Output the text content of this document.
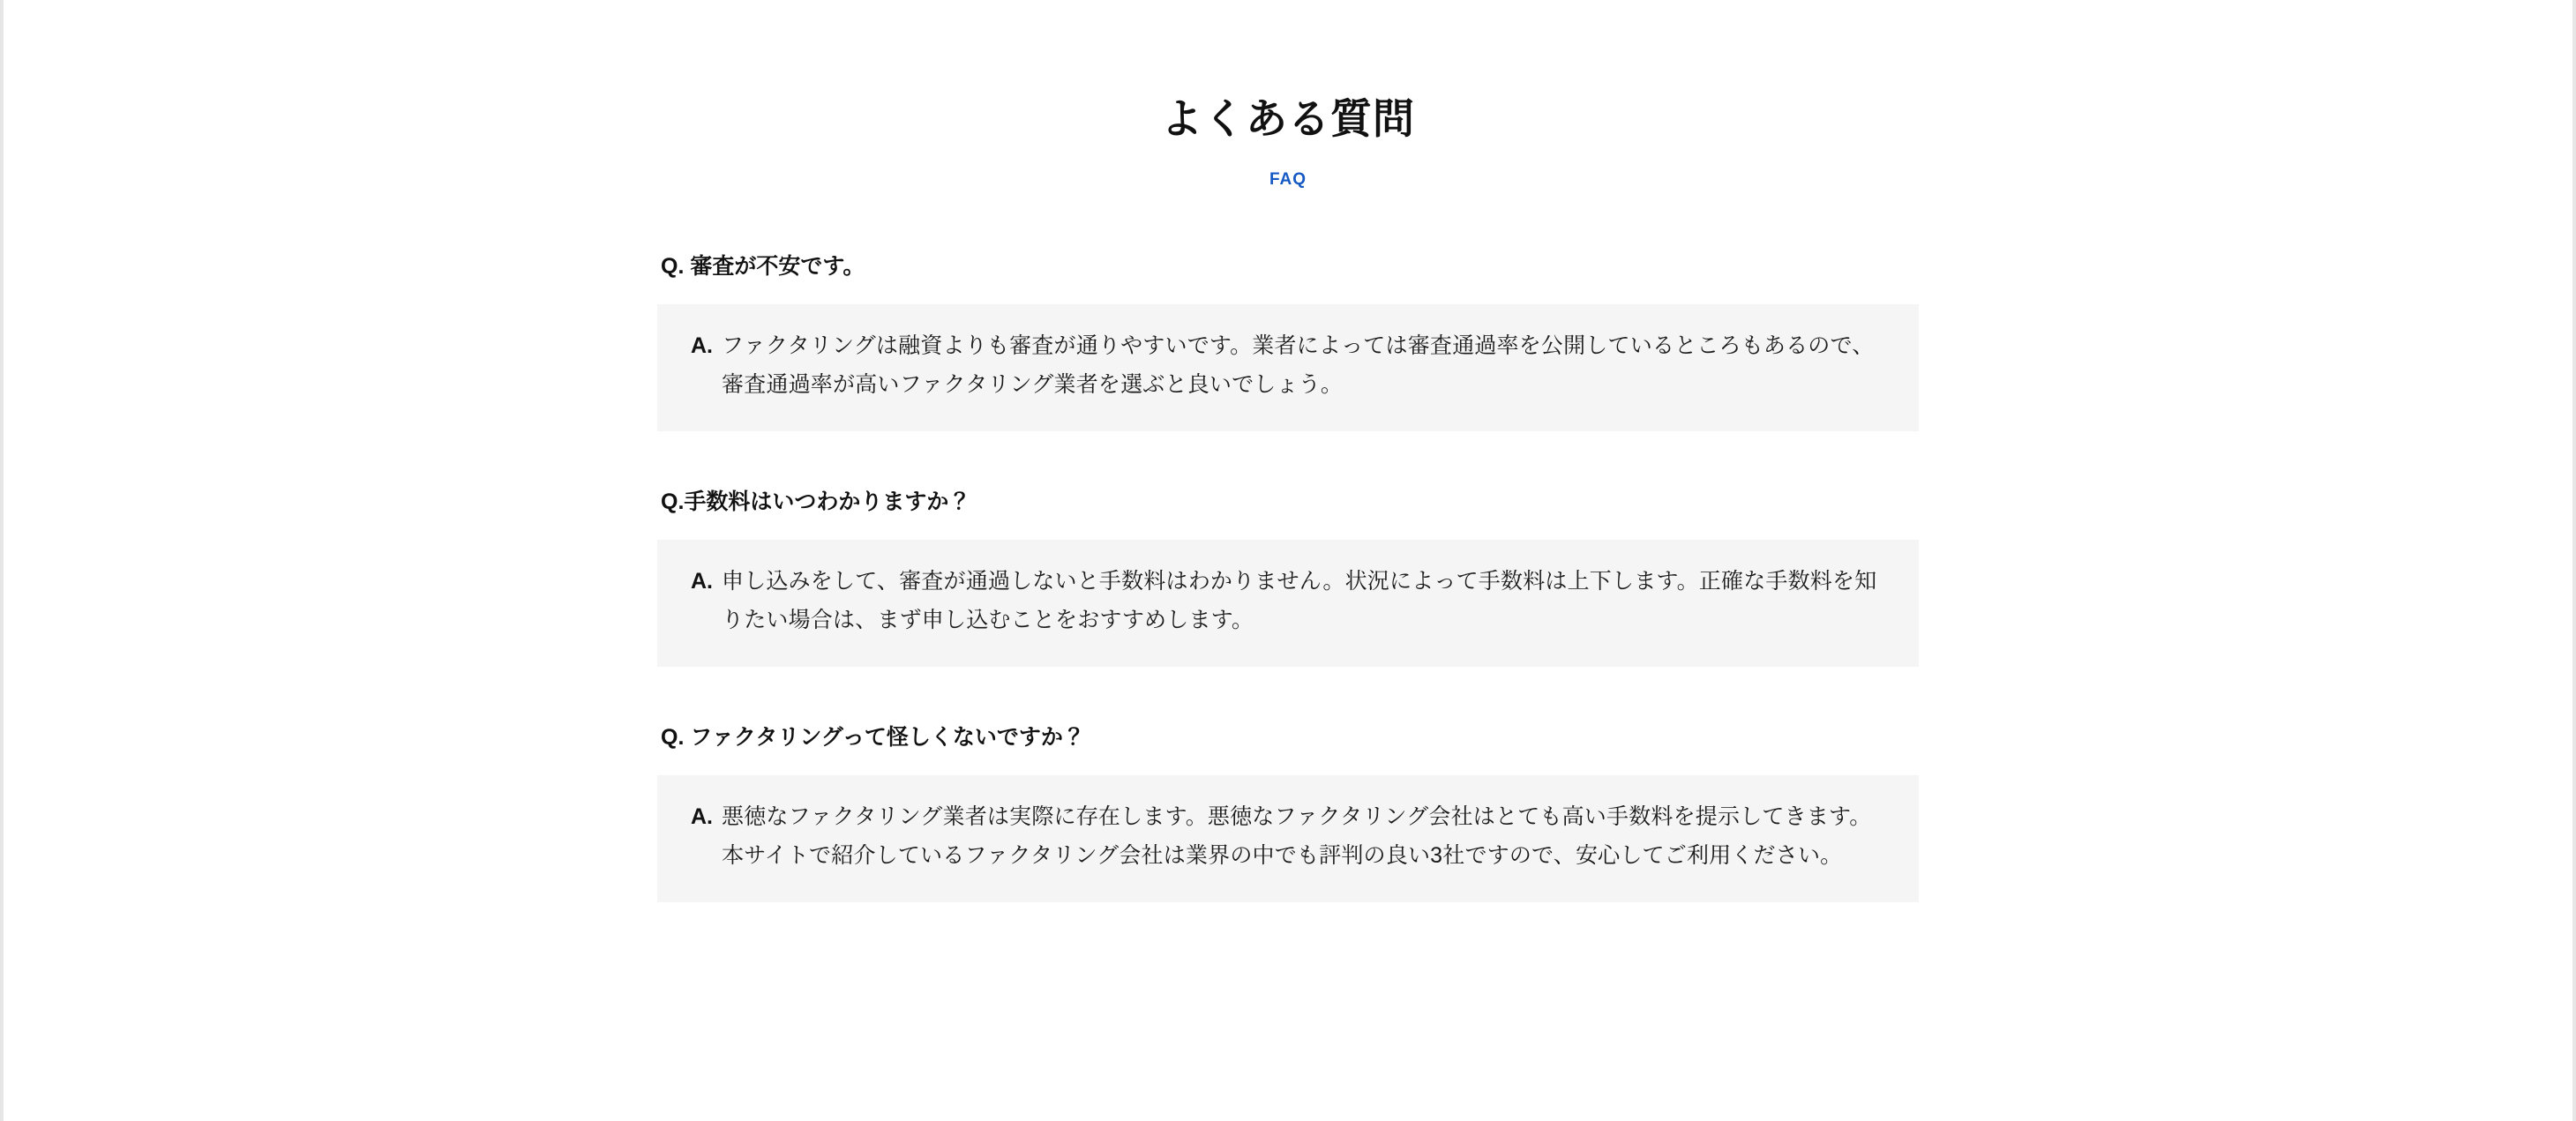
よくある質問
FAQ
Q. 審査が不安です。
A. ファクタリングは融資よりも審査が通りやすいです。業者によっては審査通過率を公開しているところもあるので、審査通過率が高いファクタリング業者を選ぶと良いでしょう。
Q.手数料はいつわかりますか？
A. 申し込みをして、審査が通過しないと手数料はわかりません。状況によって手数料は上下します。正確な手数料を知りたい場合は、まず申し込むことをおすすめします。
Q. ファクタリングって怪しくないですか？
A. 悪徳なファクタリング業者は実際に存在します。悪徳なファクタリング会社はとても高い手数料を提示してきます。本サイトで紹介しているファクタリング会社は業界の中でも評判の良い3社ですので、安心してご利用ください。
